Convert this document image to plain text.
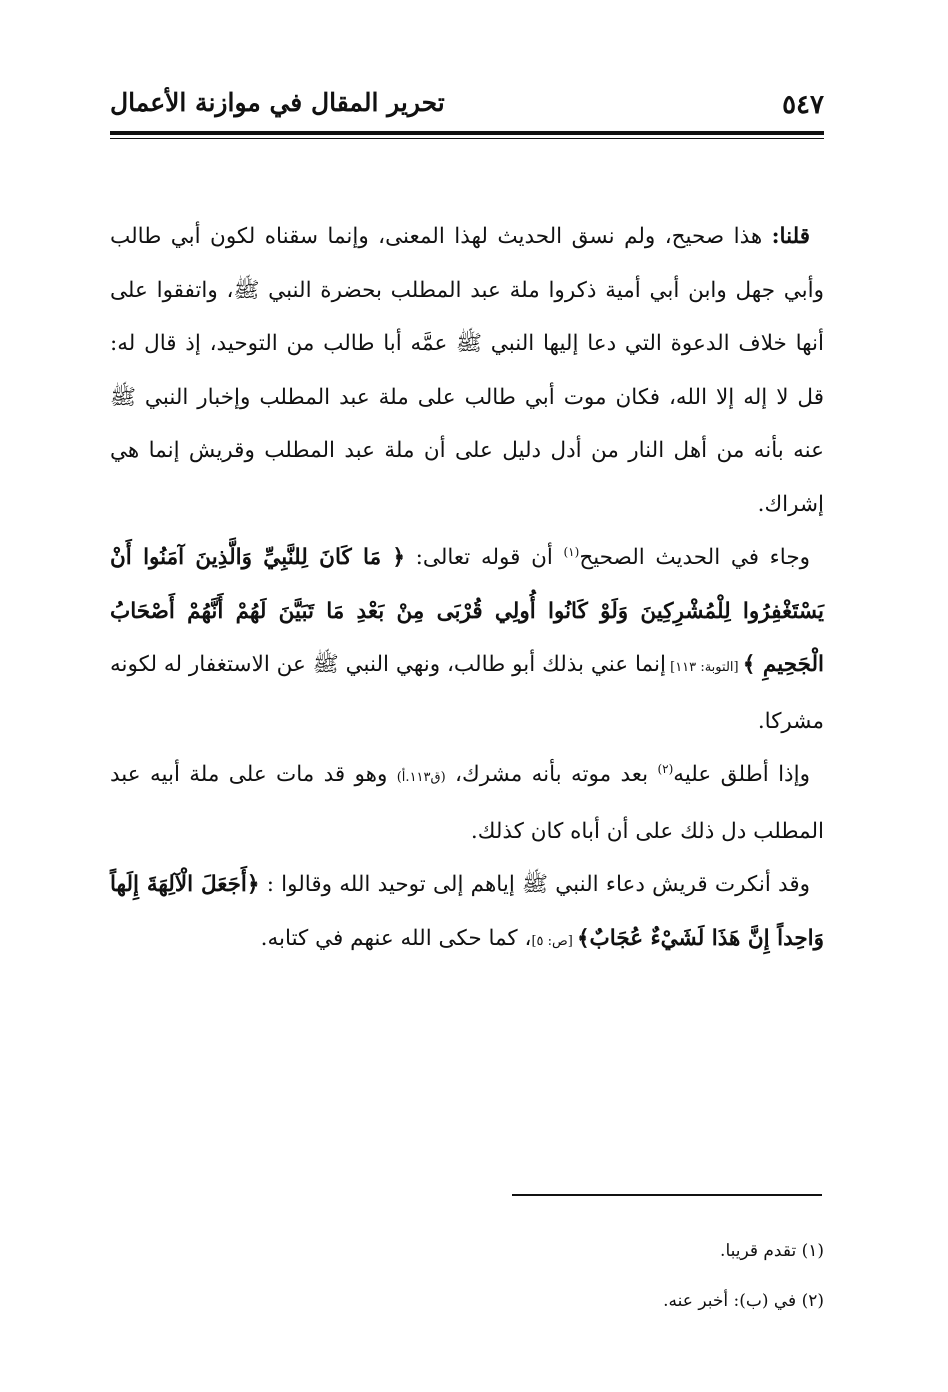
٥٤٧
تحرير المقال في موازنة الأعمال

قلنا: هذا صحيح، ولم نسق الحديث لهذا المعنى، وإنما سقناه لكون أبي طالب وأبي جهل وابن أبي أمية ذكروا ملة عبد المطلب بحضرة النبي ﷺ، واتفقوا على أنها خلاف الدعوة التي دعا إليها النبي ﷺ عمَّه أبا طالب من التوحيد، إذ قال له: قل لا إله إلا الله، فكان موت أبي طالب على ملة عبد المطلب وإخبار النبي ﷺ عنه بأنه من أهل النار من أدل دليل على أن ملة عبد المطلب وقريش إنما هي إشراك.

وجاء في الحديث الصحيح$^{(١)}$ أن قوله تعالى: ﴿ مَا كَانَ لِلنَّبِيِّ وَالَّذِينَ آمَنُوا أَنْ يَسْتَغْفِرُوا لِلْمُشْرِكِينَ وَلَوْ كَانُوا أُولِي قُرْبَى مِنْ بَعْدِ مَا تَبَيَّنَ لَهُمْ أَنَّهُمْ أَصْحَابُ الْجَحِيمِ ﴾ [التوبة: ١١٣] إنما عني بذلك أبو طالب، ونهي النبي ﷺ عن الاستغفار له لكونه مشركا.

وإذا أطلق عليه$^{(٢)}$ بعد موته بأنه مشرك، (ق١١٣.أ) وهو قد مات على ملة أبيه عبد المطلب دل ذلك على أن أباه كان كذلك.

وقد أنكرت قريش دعاء النبي ﷺ إياهم إلى توحيد الله وقالوا : ﴿أَجَعَلَ الْآلِهَةَ إِلَهاً وَاحِداً إِنَّ هَذَا لَشَيْءٌ عُجَابٌ﴾ [ص: ٥]، كما حكى الله عنهم في كتابه.

(١) تقدم قريبا.
(٢) في (ب): أخبر عنه.
